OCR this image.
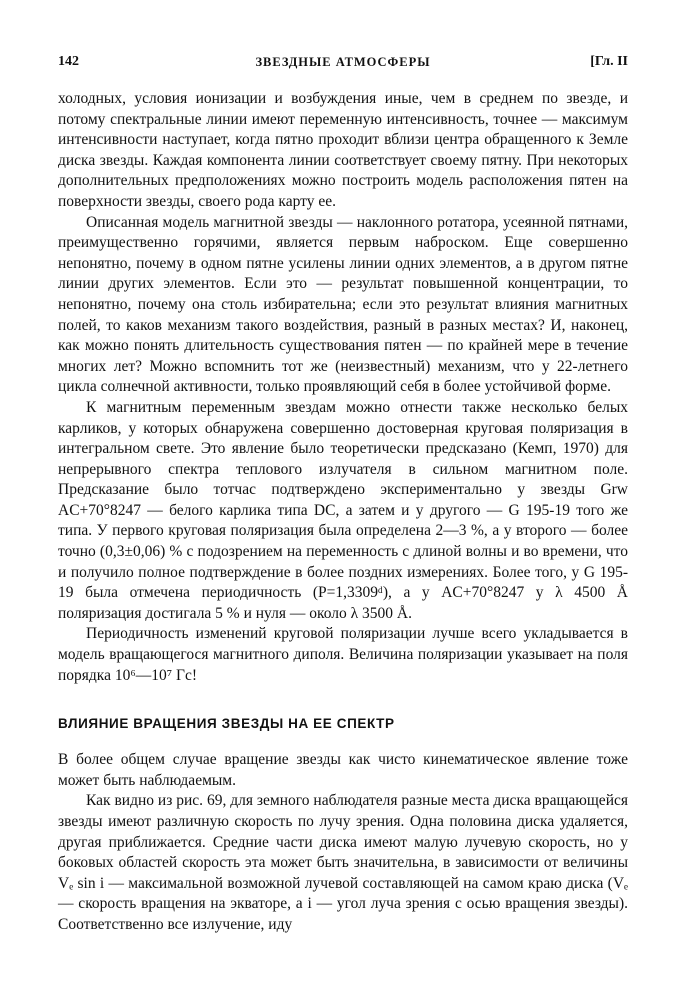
142	ЗВЕЗДНЫЕ АТМОСФЕРЫ	[Гл. II

холодных, условия ионизации и возбуждения иные, чем в среднем по звезде, и потому спектральные линии имеют переменную интенсивность, точнее — максимум интенсивности наступает, когда пятно проходит вблизи центра обращенного к Земле диска звезды. Каждая компонента линии соответствует своему пятну. При некоторых дополнительных предположениях можно построить модель расположения пятен на поверхности звезды, своего рода карту ее.

Описанная модель магнитной звезды — наклонного ротатора, усеянной пятнами, преимущественно горячими, является первым наброском. Еще совершенно непонятно, почему в одном пятне усилены линии одних элементов, а в другом пятне линии других элементов. Если это — результат повышенной концентрации, то непонятно, почему она столь избирательна; если это результат влияния магнитных полей, то каков механизм такого воздействия, разный в разных местах? И, наконец, как можно понять длительность существования пятен — по крайней мере в течение многих лет? Можно вспомнить тот же (неизвестный) механизм, что у 22-летнего цикла солнечной активности, только проявляющий себя в более устойчивой форме.

К магнитным переменным звездам можно отнести также несколько белых карликов, у которых обнаружена совершенно достоверная круговая поляризация в интегральном свете. Это явление было теоретически предсказано (Кемп, 1970) для непрерывного спектра теплового излучателя в сильном магнитном поле. Предсказание было тотчас подтверждено экспериментально у звезды Grw AC+70°8247 — белого карлика типа DC, а затем и у другого — G 195-19 того же типа. У первого круговая поляризация была определена 2—3 %, а у второго — более точно (0,3±0,06) % с подозрением на переменность с длиной волны и во времени, что и получило полное подтверждение в более поздних измерениях. Более того, у G 195-19 была отмечена периодичность (P=1,3309ᵈ), а у AC+70°8247 у λ 4500 Å поляризация достигала 5 % и нуля — около λ 3500 Å.

Периодичность изменений круговой поляризации лучше всего укладывается в модель вращающегося магнитного диполя. Величина поляризации указывает на поля порядка 10⁶—10⁷ Гс!

ВЛИЯНИЕ ВРАЩЕНИЯ ЗВЕЗДЫ НА ЕЕ СПЕКТР

В более общем случае вращение звезды как чисто кинематическое явление тоже может быть наблюдаемым.

Как видно из рис. 69, для земного наблюдателя разные места диска вращающейся звезды имеют различную скорость по лучу зрения. Одна половина диска удаляется, другая приближается. Средние части диска имеют малую лучевую скорость, но у боковых областей скорость эта может быть значительна, в зависимости от величины Vₑ sin i — максимальной возможной лучевой составляющей на самом краю диска (Vₑ — скорость вращения на экваторе, а i — угол луча зрения с осью вращения звезды). Соответственно все излучение, иду
